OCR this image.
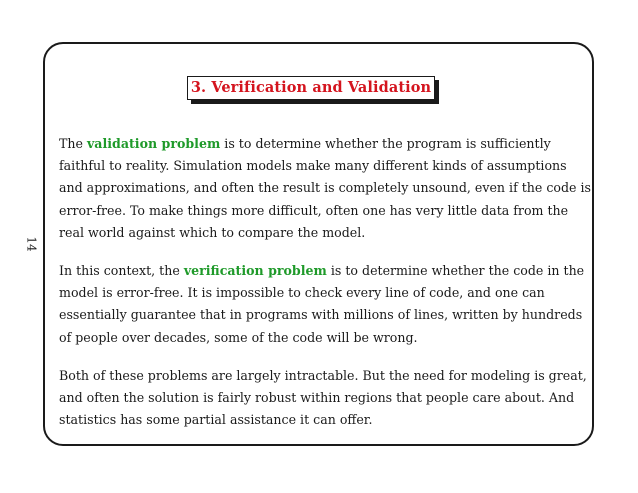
14
3. Verification and Validation

The validation problem is to determine whether the program is sufficiently faithful to reality. Simulation models make many different kinds of assumptions and approximations, and often the result is completely unsound, even if the code is error-free. To make things more difficult, often one has very little data from the real world against which to compare the model.

In this context, the verification problem is to determine whether the code in the model is error-free. It is impossible to check every line of code, and one can essentially guarantee that in programs with millions of lines, written by hundreds of people over decades, some of the code will be wrong.

Both of these problems are largely intractable. But the need for modeling is great, and often the solution is fairly robust within regions that people care about. And statistics has some partial assistance it can offer.
